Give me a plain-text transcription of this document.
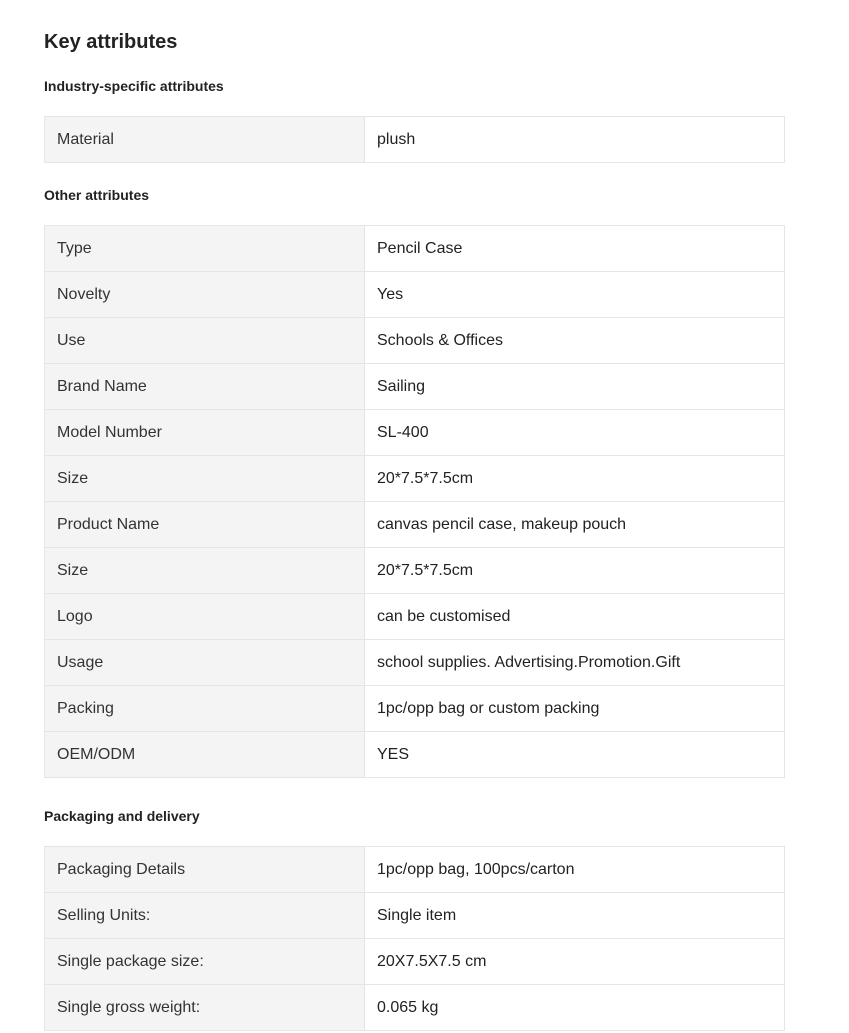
Key attributes
Industry-specific attributes
Material	plush
Other attributes
Type	Pencil Case
Novelty	Yes
Use	Schools & Offices
Brand Name	Sailing
Model Number	SL-400
Size	20*7.5*7.5cm
Product Name	canvas pencil case, makeup pouch
Size	20*7.5*7.5cm
Logo	can be customised
Usage	school supplies. Advertising.Promotion.Gift
Packing	1pc/opp bag or custom packing
OEM/ODM	YES
Packaging and delivery
Packaging Details	1pc/opp bag, 100pcs/carton
Selling Units:	Single item
Single package size:	20X7.5X7.5 cm
Single gross weight:	0.065 kg
